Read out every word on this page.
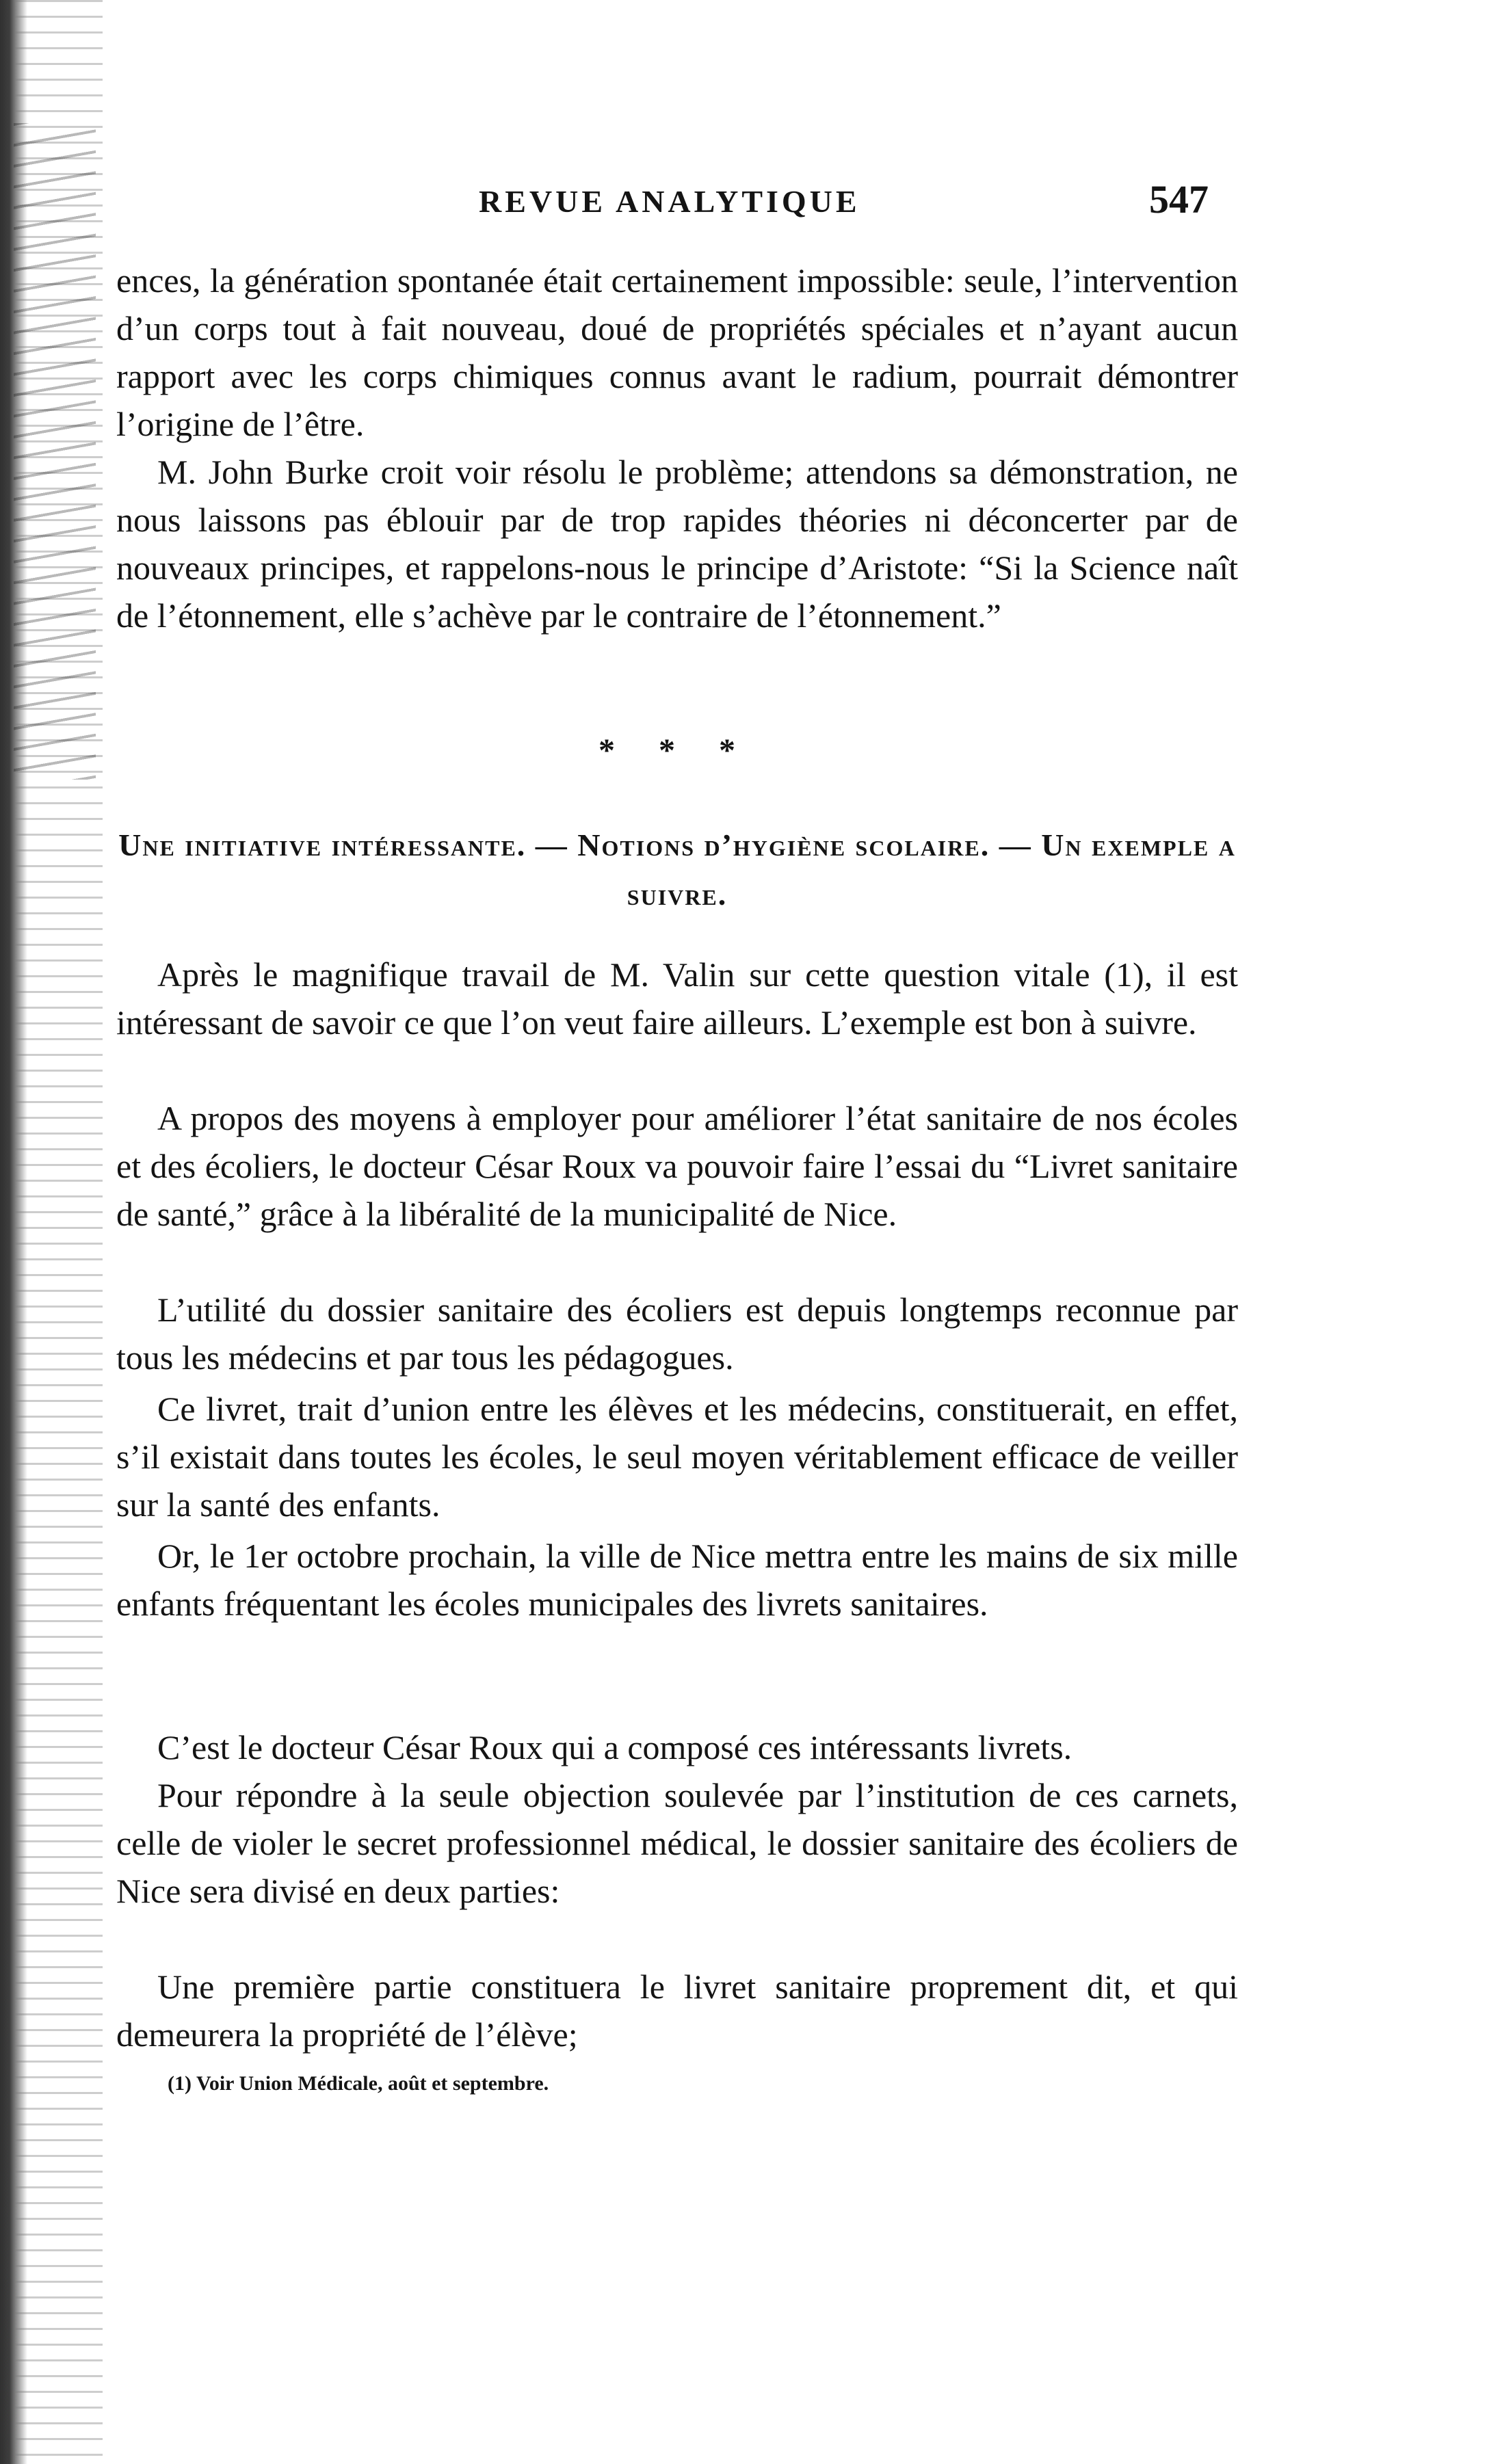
REVUE ANALYTIQUE	547

ences, la génération spontanée était certainement impossible: seule, l’intervention d’un corps tout à fait nouveau, doué de propriétés spéciales et n’ayant aucun rapport avec les corps chimiques connus avant le radium, pourrait démontrer l’origine de l’être.

M. John Burke croit voir résolu le problème; attendons sa démonstration, ne nous laissons pas éblouir par de trop rapides théories ni déconcerter par de nouveaux principes, et rappelons-nous le principe d’Aristote: “Si la Science naît de l’étonnement, elle s’achève par le contraire de l’étonnement.”

* * *

Une initiative intéressante. — Notions d’hygiène scolaire. — Un exemple a suivre.

Après le magnifique travail de M. Valin sur cette question vitale (1), il est intéressant de savoir ce que l’on veut faire ailleurs. L’exemple est bon à suivre.

A propos des moyens à employer pour améliorer l’état sanitaire de nos écoles et des écoliers, le docteur César Roux va pouvoir faire l’essai du “Livret sanitaire de santé,” grâce à la libéralité de la municipalité de Nice.

L’utilité du dossier sanitaire des écoliers est depuis longtemps reconnue par tous les médecins et par tous les pédagogues.

Ce livret, trait d’union entre les élèves et les médecins, constituerait, en effet, s’il existait dans toutes les écoles, le seul moyen véritablement efficace de veiller sur la santé des enfants.

Or, le 1er octobre prochain, la ville de Nice mettra entre les mains de six mille enfants fréquentant les écoles municipales des livrets sanitaires.

C’est le docteur César Roux qui a composé ces intéressants livrets.

Pour répondre à la seule objection soulevée par l’institution de ces carnets, celle de violer le secret professionnel médical, le dossier sanitaire des écoliers de Nice sera divisé en deux parties:

Une première partie constituera le livret sanitaire proprement dit, et qui demeurera la propriété de l’élève;

(1) Voir Union Médicale, août et septembre.
